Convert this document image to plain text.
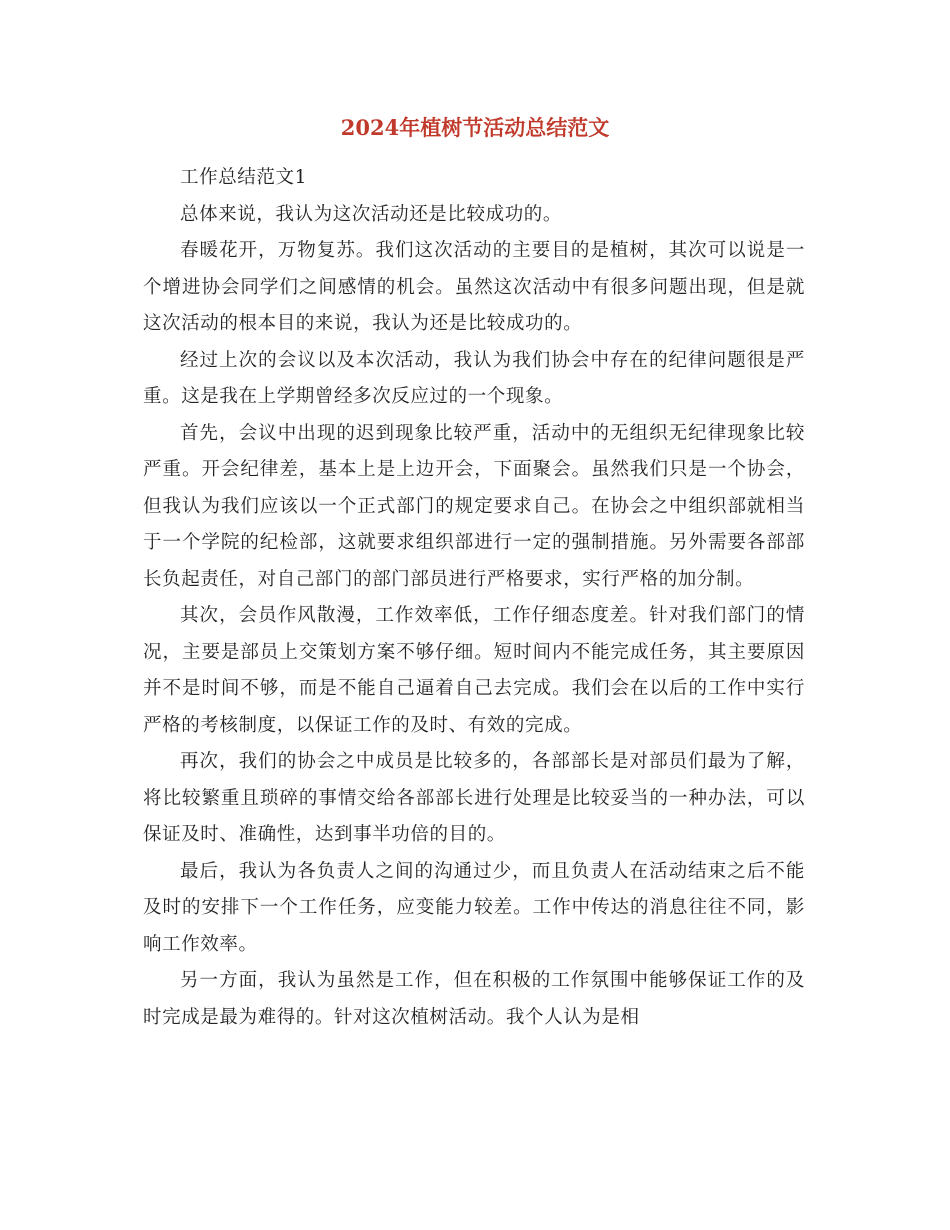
2024年植树节活动总结范文

工作总结范文1

总体来说，我认为这次活动还是比较成功的。

春暖花开，万物复苏。我们这次活动的主要目的是植树，其次可以说是一个增进协会同学们之间感情的机会。虽然这次活动中有很多问题出现，但是就这次活动的根本目的来说，我认为还是比较成功的。

经过上次的会议以及本次活动，我认为我们协会中存在的纪律问题很是严重。这是我在上学期曾经多次反应过的一个现象。

首先，会议中出现的迟到现象比较严重，活动中的无组织无纪律现象比较严重。开会纪律差，基本上是上边开会，下面聚会。虽然我们只是一个协会，但我认为我们应该以一个正式部门的规定要求自己。在协会之中组织部就相当于一个学院的纪检部，这就要求组织部进行一定的强制措施。另外需要各部部长负起责任，对自己部门的部门部员进行严格要求，实行严格的加分制。

其次，会员作风散漫，工作效率低，工作仔细态度差。针对我们部门的情况，主要是部员上交策划方案不够仔细。短时间内不能完成任务，其主要原因并不是时间不够，而是不能自己逼着自己去完成。我们会在以后的工作中实行严格的考核制度，以保证工作的及时、有效的完成。

再次，我们的协会之中成员是比较多的，各部部长是对部员们最为了解，将比较繁重且琐碎的事情交给各部部长进行处理是比较妥当的一种办法，可以保证及时、准确性，达到事半功倍的目的。

最后，我认为各负责人之间的沟通过少，而且负责人在活动结束之后不能及时的安排下一个工作任务，应变能力较差。工作中传达的消息往往不同，影响工作效率。

另一方面，我认为虽然是工作，但在积极的工作氛围中能够保证工作的及时完成是最为难得的。针对这次植树活动。我个人认为是相
